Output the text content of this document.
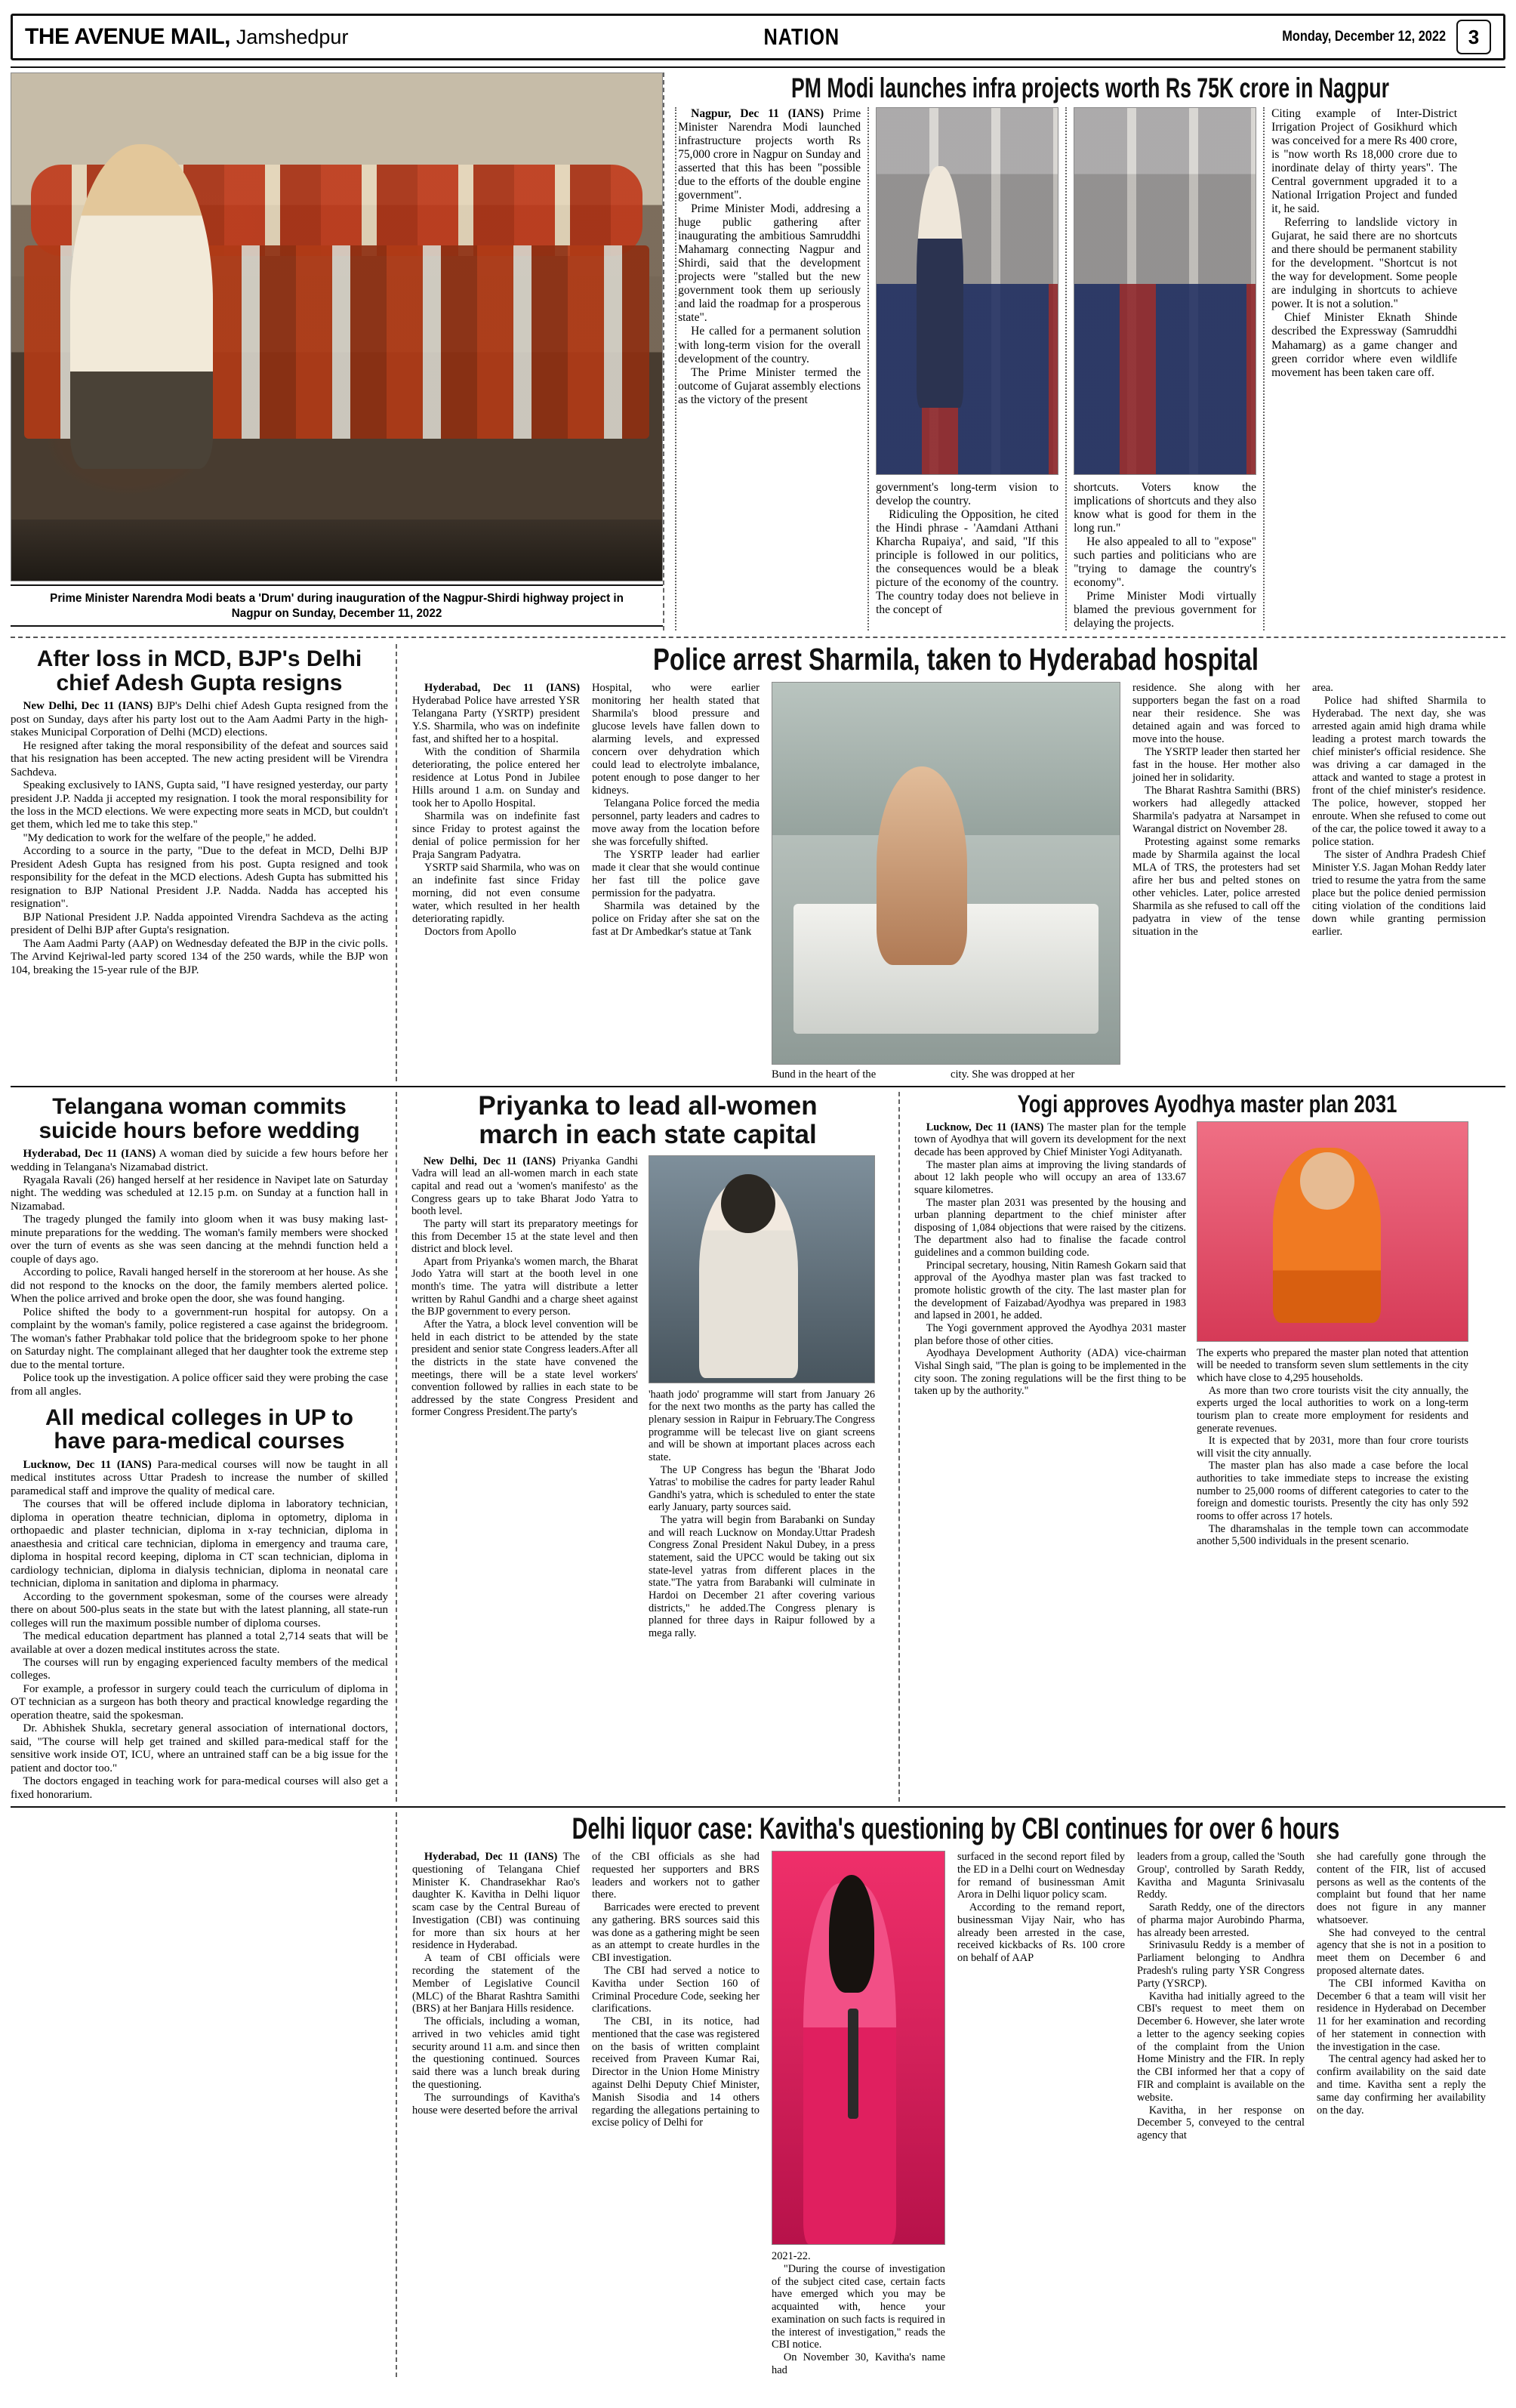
THE AVENUE MAIL, Jamshedpur	NATION	Monday, December 12, 2022	3
Prime Minister Narendra Modi beats a 'Drum' during inauguration of the Nagpur-Shirdi highway project in Nagpur on Sunday, December 11, 2022
PM Modi launches infra projects worth Rs 75K crore in Nagpur

Nagpur, Dec 11 (IANS) Prime Minister Narendra Modi launched infrastructure projects worth Rs 75,000 crore in Nagpur on Sunday and asserted that this has been "possible due to the efforts of the double engine government".

Prime Minister Modi, addresing a huge public gathering after inaugurating the ambitious Samruddhi Mahamarg connecting Nagpur and Shirdi, said that the development projects were "stalled but the new government took them up seriously and laid the roadmap for a prosperous state".

He called for a permanent solution with long-term vision for the overall development of the country.

The Prime Minister termed the outcome of Gujarat assembly elections as the victory of the present

government's long-term vision to develop the country.

Ridiculing the Opposition, he cited the Hindi phrase - 'Aamdani Atthani Kharcha Rupaiya', and said, "If this principle is followed in our politics, the consequences would be a bleak picture of the economy of the country. The country today does not believe in the concept of

shortcuts. Voters know the implications of shortcuts and they also know what is good for them in the long run."

He also appealed to all to "expose" such parties and politicians who are "trying to damage the country's economy".

Prime Minister Modi virtually blamed the previous government for delaying the projects.

Citing example of Inter-District Irrigation Project of Gosikhurd which was conceived for a mere Rs 400 crore, is "now worth Rs 18,000 crore due to inordinate delay of thirty years". The Central government upgraded it to a National Irrigation Project and funded it, he said.

Referring to landslide victory in Gujarat, he said there are no shortcuts and there should be permanent stability for the development. "Shortcut is not the way for development. Some people are indulging in shortcuts to achieve power. It is not a solution."

Chief Minister Eknath Shinde described the Expressway (Samruddhi Mahamarg) as a game changer and green corridor where even wildlife movement has been taken care off.

After loss in MCD, BJP's Delhi
chief Adesh Gupta resigns

New Delhi, Dec 11 (IANS) BJP's Delhi chief Adesh Gupta resigned from the post on Sunday, days after his party lost out to the Aam Aadmi Party in the high-stakes Municipal Corporation of Delhi (MCD) elections.

He resigned after taking the moral responsibility of the defeat and sources said that his resignation has been accepted. The new acting president will be Virendra Sachdeva.

Speaking exclusively to IANS, Gupta said, "I have resigned yesterday, our party president J.P. Nadda ji accepted my resignation. I took the moral responsibility for the loss in the MCD elections. We were expecting more seats in MCD, but couldn't get them, which led me to take this step."

"My dedication to work for the welfare of the people," he added.

According to a source in the party, "Due to the defeat in MCD, Delhi BJP President Adesh Gupta has resigned from his post. Gupta resigned and took responsibility for the defeat in the MCD elections. Adesh Gupta has submitted his resignation to BJP National President J.P. Nadda. Nadda has accepted his resignation".

BJP National President J.P. Nadda appointed Virendra Sachdeva as the acting president of Delhi BJP after Gupta's resignation.

The Aam Aadmi Party (AAP) on Wednesday defeated the BJP in the civic polls. The Arvind Kejriwal-led party scored 134 of the 250 wards, while the BJP won 104, breaking the 15-year rule of the BJP.

Police arrest Sharmila, taken to Hyderabad hospital

Hyderabad, Dec 11 (IANS) Hyderabad Police have arrested YSR Telangana Party (YSRTP) president Y.S. Sharmila, who was on indefinite fast, and shifted her to a hospital.

With the condition of Sharmila deteriorating, the police entered her residence at Lotus Pond in Jubilee Hills around 1 a.m. on Sunday and took her to Apollo Hospital.

Sharmila was on indefinite fast since Friday to protest against the denial of police permission for her Praja Sangram Padyatra.

YSRTP said Sharmila, who was on an indefinite fast since Friday morning, did not even consume water, which resulted in her health deteriorating rapidly.

Doctors from Apollo

Hospital, who were earlier monitoring her health stated that Sharmila's blood pressure and glucose levels have fallen down to alarming levels, and expressed concern over dehydration which could lead to electrolyte imbalance, potent enough to pose danger to her kidneys.

Telangana Police forced the media personnel, party leaders and cadres to move away from the location before she was forcefully shifted.

The YSRTP leader had earlier made it clear that she would continue her fast till the police gave permission for the padyatra.

Sharmila was detained by the police on Friday after she sat on the fast at Dr Ambedkar's statue at Tank

Bund in the heart of the	city. She was dropped at her

residence. She along with her supporters began the fast on a road near their residence. She was detained again and was forced to move into the house.

The YSRTP leader then started her fast in the house. Her mother also joined her in solidarity.

The Bharat Rashtra Samithi (BRS) workers had allegedly attacked Sharmila's padyatra at Narsampet in Warangal district on November 28.

Protesting against some remarks made by Sharmila against the local MLA of TRS, the protesters had set afire her bus and pelted stones on other vehicles. Later, police arrested Sharmila as she refused to call off the padyatra in view of the tense situation in the

area.

Police had shifted Sharmila to Hyderabad. The next day, she was arrested again amid high drama while leading a protest march towards the chief minister's official residence. She was driving a car damaged in the attack and wanted to stage a protest in front of the chief minister's residence. The police, however, stopped her enroute. When she refused to come out of the car, the police towed it away to a police station.

The sister of Andhra Pradesh Chief Minister Y.S. Jagan Mohan Reddy later tried to resume the yatra from the same place but the police denied permission citing violation of the conditions laid down while granting permission earlier.

Telangana woman commits
suicide hours before wedding

Hyderabad, Dec 11 (IANS) A woman died by suicide a few hours before her wedding in Telangana's Nizamabad district.

Ryagala Ravali (26) hanged herself at her residence in Navipet late on Saturday night. The wedding was scheduled at 12.15 p.m. on Sunday at a function hall in Nizamabad.

The tragedy plunged the family into gloom when it was busy making last-minute preparations for the wedding. The woman's family members were shocked over the turn of events as she was seen dancing at the mehndi function held a couple of days ago.

According to police, Ravali hanged herself in the storeroom at her house. As she did not respond to the knocks on the door, the family members alerted police. When the police arrived and broke open the door, she was found hanging.

Police shifted the body to a government-run hospital for autopsy. On a complaint by the woman's family, police registered a case against the bridegroom. The woman's father Prabhakar told police that the bridegroom spoke to her phone on Saturday night. The complainant alleged that her daughter took the extreme step due to the mental torture.

Police took up the investigation. A police officer said they were probing the case from all angles.

All medical colleges in UP to
have para-medical courses

Lucknow, Dec 11 (IANS) Para-medical courses will now be taught in all medical institutes across Uttar Pradesh to increase the number of skilled paramedical staff and improve the quality of medical care.

The courses that will be offered include diploma in laboratory technician, diploma in operation theatre technician, diploma in optometry, diploma in orthopaedic and plaster technician, diploma in x-ray technician, diploma in anaesthesia and critical care technician, diploma in emergency and trauma care, diploma in hospital record keeping, diploma in CT scan technician, diploma in cardiology technician, diploma in dialysis technician, diploma in neonatal care technician, diploma in sanitation and diploma in pharmacy.

According to the government spokesman, some of the courses were already there on about 500-plus seats in the state but with the latest planning, all state-run colleges will run the maximum possible number of diploma courses.

The medical education department has planned a total 2,714 seats that will be available at over a dozen medical institutes across the state.

The courses will run by engaging experienced faculty members of the medical colleges.

For example, a professor in surgery could teach the curriculum of diploma in OT technician as a surgeon has both theory and practical knowledge regarding the operation theatre, said the spokesman.

Dr. Abhishek Shukla, secretary general association of international doctors, said, "The course will help get trained and skilled para-medical staff for the sensitive work inside OT, ICU, where an untrained staff can be a big issue for the patient and doctor too."

The doctors engaged in teaching work for para-medical courses will also get a fixed honorarium.

Priyanka to lead all-women
march in each state capital

New Delhi, Dec 11 (IANS) Priyanka Gandhi Vadra will lead an all-women march in each state capital and read out a 'women's manifesto' as the Congress gears up to take Bharat Jodo Yatra to booth level.

The party will start its preparatory meetings for this from December 15 at the state level and then district and block level.

Apart from Priyanka's women march, the Bharat Jodo Yatra will start at the booth level in one month's time. The yatra will distribute a letter written by Rahul Gandhi and a charge sheet against the BJP government to every person.

After the Yatra, a block level convention will be held in each district to be attended by the state president and senior state Congress leaders.After all the districts in the state have convened the meetings, there will be a state level workers' convention followed by rallies in each state to be addressed by the state Congress President and former Congress President.The party's

'haath jodo' programme will start from January 26 for the next two months as the party has called the plenary session in Raipur in February.The Congress programme will be telecast live on giant screens and will be shown at important places across each state.

The UP Congress has begun the 'Bharat Jodo Yatras' to mobilise the cadres for party leader Rahul Gandhi's yatra, which is scheduled to enter the state early January, party sources said.

The yatra will begin from Barabanki on Sunday and will reach Lucknow on Monday.Uttar Pradesh Congress Zonal President Nakul Dubey, in a press statement, said the UPCC would be taking out six state-level yatras from different places in the state."The yatra from Barabanki will culminate in Hardoi on December 21 after covering various districts," he added.The Congress plenary is planned for three days in Raipur followed by a mega rally.

Yogi approves Ayodhya master plan 2031

Lucknow, Dec 11 (IANS) The master plan for the temple town of Ayodhya that will govern its development for the next decade has been approved by Chief Minister Yogi Adityanath.

The master plan aims at improving the living standards of about 12 lakh people who will occupy an area of 133.67 square kilometres.

The master plan 2031 was presented by the housing and urban planning department to the chief minister after disposing of 1,084 objections that were raised by the citizens. The department also had to finalise the facade control guidelines and a common building code.

Principal secretary, housing, Nitin Ramesh Gokarn said that approval of the Ayodhya master plan was fast tracked to promote holistic growth of the city. The last master plan for the development of Faizabad/Ayodhya was prepared in 1983 and lapsed in 2001, he added.

The Yogi government approved the Ayodhya 2031 master plan before those of other cities.

Ayodhaya Development Authority (ADA) vice-chairman Vishal Singh said, "The plan is going to be implemented in the city soon. The zoning regulations will be the first thing to be taken up by the authority."

The experts who prepared the master plan noted that attention will be needed to transform seven slum settlements in the city which have close to 4,295 households.

As more than two crore tourists visit the city annually, the experts urged the local authorities to work on a long-term tourism plan to create more employment for residents and generate revenues.

It is expected that by 2031, more than four crore tourists will visit the city annually.

The master plan has also made a case before the local authorities to take immediate steps to increase the existing number to 25,000 rooms of different categories to cater to the foreign and domestic tourists. Presently the city has only 592 rooms to offer across 17 hotels.

The dharamshalas in the temple town can accommodate another 5,500 individuals in the present scenario.

Delhi liquor case: Kavitha's questioning by CBI continues for over 6 hours

Hyderabad, Dec 11 (IANS) The questioning of Telangana Chief Minister K. Chandrasekhar Rao's daughter K. Kavitha in Delhi liquor scam case by the Central Bureau of Investigation (CBI) was continuing for more than six hours at her residence in Hyderabad.

A team of CBI officials were recording the statement of the Member of Legislative Council (MLC) of the Bharat Rashtra Samithi (BRS) at her Banjara Hills residence.

The officials, including a woman, arrived in two vehicles amid tight security around 11 a.m. and since then the questioning continued. Sources said there was a lunch break during the questioning.

The surroundings of Kavitha's house were deserted before the arrival

of the CBI officials as she had requested her supporters and BRS leaders and workers not to gather there.

Barricades were erected to prevent any gathering. BRS sources said this was done as a gathering might be seen as an attempt to create hurdles in the CBI investigation.

The CBI had served a notice to Kavitha under Section 160 of Criminal Procedure Code, seeking her clarifications.

The CBI, in its notice, had mentioned that the case was registered on the basis of written complaint received from Praveen Kumar Rai, Director in the Union Home Ministry against Delhi Deputy Chief Minister, Manish Sisodia and 14 others regarding the allegations pertaining to excise policy of Delhi for

2021-22.

"During the course of investigation of the subject cited case, certain facts have emerged which you may be acquainted with, hence your examination on such facts is required in the interest of investigation," reads the CBI notice.

On November 30, Kavitha's name had

surfaced in the second report filed by the ED in a Delhi court on Wednesday for remand of businessman Amit Arora in Delhi liquor policy scam.

According to the remand report, businessman Vijay Nair, who has already been arrested in the case, received kickbacks of Rs. 100 crore on behalf of AAP

leaders from a group, called the 'South Group', controlled by Sarath Reddy, Kavitha and Magunta Srinivasalu Reddy.

Sarath Reddy, one of the directors of pharma major Aurobindo Pharma, has already been arrested.

Srinivasulu Reddy is a member of Parliament belonging to Andhra Pradesh's ruling party YSR Congress Party (YSRCP).

Kavitha had initially agreed to the CBI's request to meet them on December 6. However, she later wrote a letter to the agency seeking copies of the complaint from the Union Home Ministry and the FIR. In reply the CBI informed her that a copy of FIR and complaint is available on the website.

Kavitha, in her response on December 5, conveyed to the central agency that

she had carefully gone through the content of the FIR, list of accused persons as well as the contents of the complaint but found that her name does not figure in any manner whatsoever.

She had conveyed to the central agency that she is not in a position to meet them on December 6 and proposed alternate dates.

The CBI informed Kavitha on December 6 that a team will visit her residence in Hyderabad on December 11 for her examination and recording of her statement in connection with the investigation in the case.

The central agency had asked her to confirm availability on the said date and time. Kavitha sent a reply the same day confirming her availability on the day.
